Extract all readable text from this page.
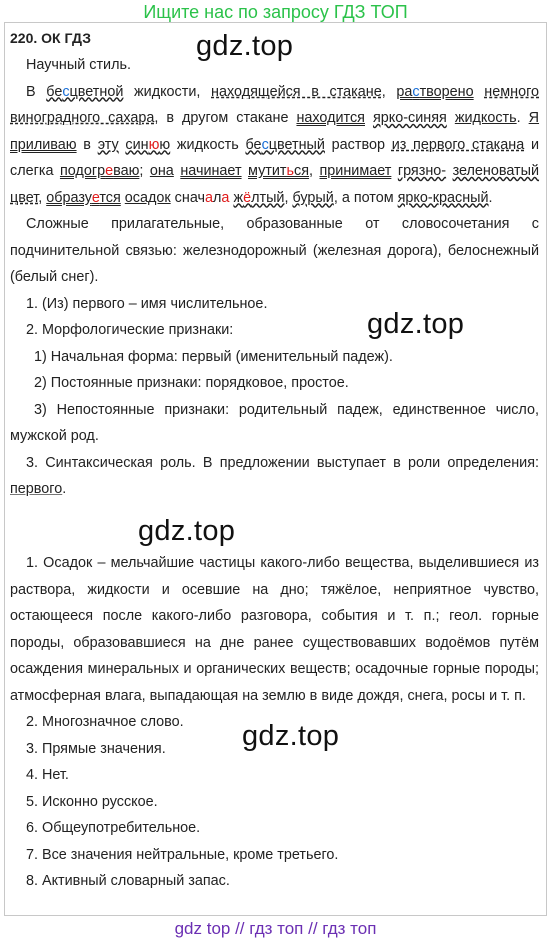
Ищите нас по запросу ГДЗ ТОП
220. ОК ГДЗ	gdz.top

Научный стиль.

В бесцветной жидкости, находящейся в стакане, растворено немного виноградного сахара, в другом стакане находится ярко-синяя жидкость. Я приливаю в эту синюю жидкость бесцветный раствор из первого стакана и слегка подогреваю; она начинает мутиться, принимает грязно- зеленоватый цвет, образуется осадок сначала жёлтый, бурый, а потом ярко-красный.

Сложные прилагательные, образованные от словосочетания с подчинительной связью: железнодорожный (железная дорога), белоснежный (белый снег).

1. (Из) первого – имя числительное.

2. Морфологические признаки:

1) Начальная форма: первый (именительный падеж).

2) Постоянные признаки: порядковое, простое.

3) Непостоянные признаки: родительный падеж, единственное число, мужской род.

3. Синтаксическая роль. В предложении выступает в роли определения: первого.

gdz.top
gdz.top

1. Осадок – мельчайшие частицы какого-либо вещества, выделившиеся из раствора, жидкости и осевшие на дно; тяжёлое, неприятное чувство, остающееся после какого-либо разговора, события и т. п.; геол. горные породы, образовавшиеся на дне ранее существовавших водоёмов путём осаждения минеральных и органических веществ; осадочные горные породы; атмосферная влага, выпадающая на землю в виде дождя, снега, росы и т. п.

2. Многозначное слово.

3. Прямые значения.

4. Нет.

5. Исконно русское.

6. Общеупотребительное.

7. Все значения нейтральные, кроме третьего.

8. Активный словарный запас.

gdz.top
gdz top // гдз топ // гдз топ
